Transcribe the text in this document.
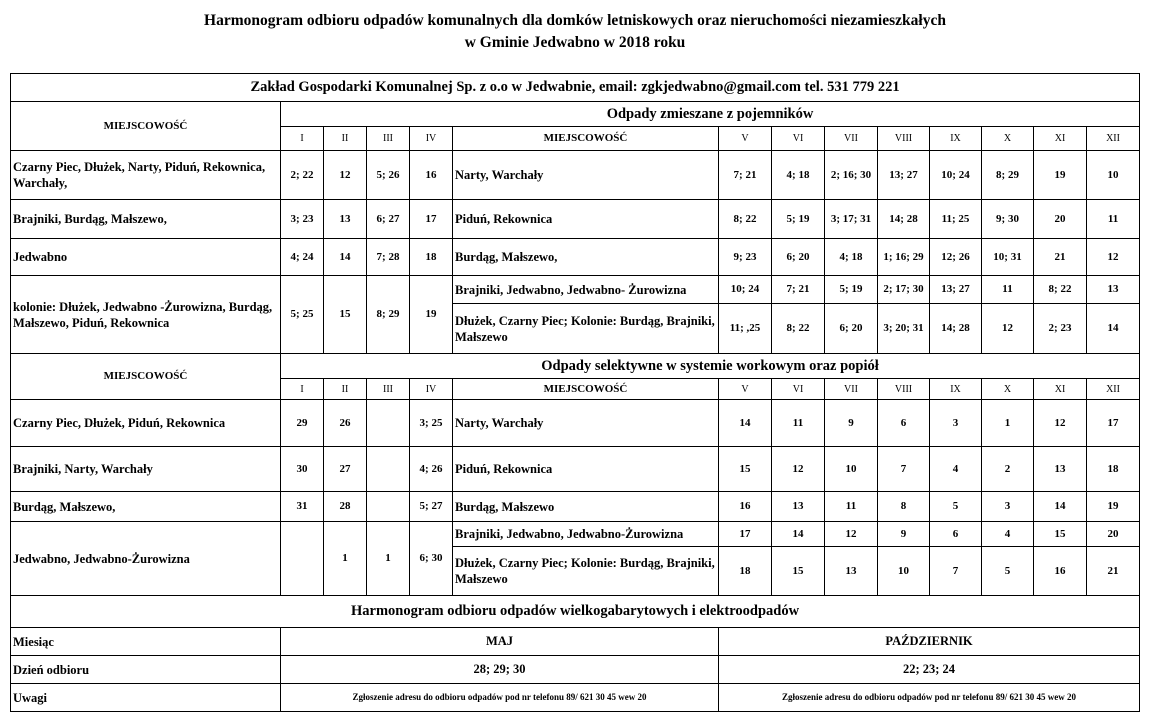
Harmonogram odbioru odpadów komunalnych dla domków letniskowych oraz nieruchomości niezamieszkałych
w Gminie Jedwabno w 2018 roku
Zakład Gospodarki Komunalnej Sp. z o.o w Jedwabnie, email: zgkjedwabno@gmail.com tel. 531 779 221													
MIEJSCOWOŚĆ	Odpady zmieszane z pojemników												
	I	II	III	IV	MIEJSCOWOŚĆ	V	VI	VII	VIII	IX	X	XI	XII
Czarny Piec, Dłużek, Narty, Piduń, Rekownica, Warchały,	2; 22	12	5; 26	16	Narty, Warchały	7; 21	4; 18	2; 16; 30	13; 27	10; 24	8; 29	19	10
Brajniki, Burdąg, Małszewo,	3; 23	13	6; 27	17	Piduń, Rekownica	8; 22	5; 19	3; 17; 31	14; 28	11; 25	9; 30	20	11
Jedwabno	4; 24	14	7; 28	18	Burdąg, Małszewo,	9; 23	6; 20	4; 18	1; 16; 29	12; 26	10; 31	21	12
kolonie: Dłużek, Jedwabno -Żurowizna, Burdąg, Małszewo, Piduń, Rekownica	5; 25	15	8; 29	19	Brajniki, Jedwabno, Jedwabno- Żurowizna	10; 24	7; 21	5; 19	2; 17; 30	13; 27	11	8; 22	13
					Dłużek, Czarny Piec; Kolonie: Burdąg, Brajniki, Małszewo	11; ,25	8; 22	6; 20	3; 20; 31	14; 28	12	2; 23	14
MIEJSCOWOŚĆ	Odpady selektywne w systemie workowym oraz popiół												
	I	II	III	IV	MIEJSCOWOŚĆ	V	VI	VII	VIII	IX	X	XI	XII
Czarny Piec, Dłużek, Piduń, Rekownica	29	26		3; 25	Narty, Warchały	14	11	9	6	3	1	12	17
Brajniki, Narty, Warchały	30	27		4; 26	Piduń, Rekownica	15	12	10	7	4	2	13	18
Burdąg, Małszewo,	31	28		5; 27	Burdąg, Małszewo	16	13	11	8	5	3	14	19
Jedwabno, Jedwabno-Żurowizna		1	1	6; 30	Brajniki, Jedwabno, Jedwabno-Żurowizna	17	14	12	9	6	4	15	20
					Dłużek, Czarny Piec; Kolonie: Burdąg, Brajniki, Małszewo	18	15	13	10	7	5	16	21
Harmonogram odbioru odpadów wielkogabarytowych i elektroodpadów													
Miesiąc	MAJ					PAŹDZIERNIK							
Dzień odbioru	28; 29; 30					22; 23; 24							
Uwagi	Zgłoszenie adresu do odbioru odpadów pod nr telefonu 89/ 621 30 45 wew 20					Zgłoszenie adresu do odbioru odpadów pod nr telefonu 89/ 621 30 45 wew 20							
